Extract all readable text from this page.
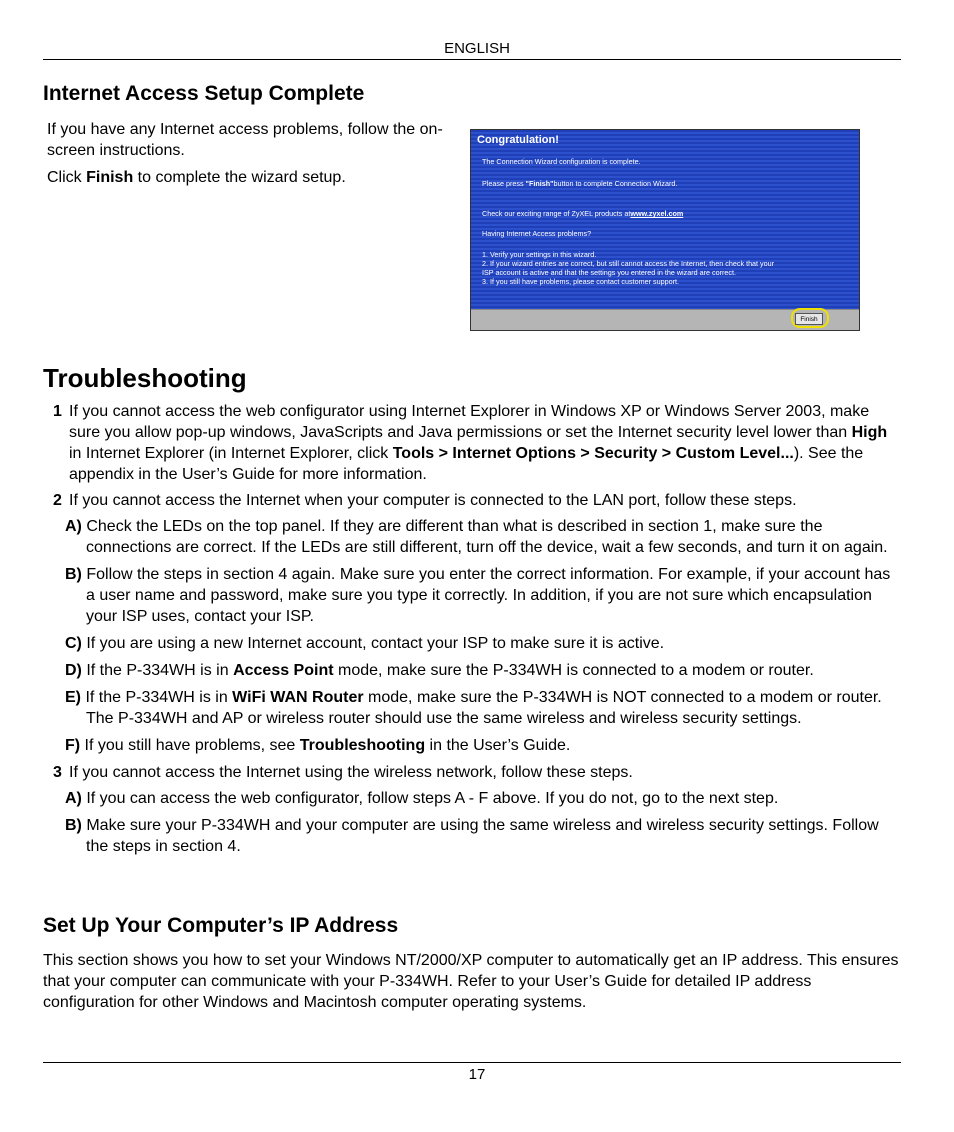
ENGLISH
Internet Access Setup Complete

If you have any Internet access problems, follow the on-screen instructions.

Click Finish to complete the wizard setup.

Congratulation!
The Connection Wizard configuration is complete.
Please press "Finish"button to complete Connection Wizard.
Check our exciting range of ZyXEL products atwww.zyxel.com
Having Internet Access problems?
1. Verify your settings in this wizard.
2. If your wizard entries are correct, but still cannot access the Internet, then check that your
ISP account is active and that the settings you entered in the wizard are correct.
3. If you still have problems, please contact customer support.
Finish
Troubleshooting
1 If you cannot access the web configurator using Internet Explorer in Windows XP or Windows Server 2003, make sure you allow pop-up windows, JavaScripts and Java permissions or set the Internet security level lower than High in Internet Explorer (in Internet Explorer, click Tools > Internet Options > Security > Custom Level...). See the appendix in the User’s Guide for more information.
2 If you cannot access the Internet when your computer is connected to the LAN port, follow these steps.
A) Check the LEDs on the top panel. If they are different than what is described in section 1, make sure the connections are correct. If the LEDs are still different, turn off the device, wait a few seconds, and turn it on again.
B) Follow the steps in section 4 again. Make sure you enter the correct information. For example, if your account has a user name and password, make sure you type it correctly. In addition, if you are not sure which encapsulation your ISP uses, contact your ISP.
C) If you are using a new Internet account, contact your ISP to make sure it is active.
D) If the P-334WH is in Access Point mode, make sure the P-334WH is connected to a modem or router.
E) If the P-334WH is in WiFi WAN Router mode, make sure the P-334WH is NOT connected to a modem or router. The P-334WH and AP or wireless router should use the same wireless and wireless security settings.
F) If you still have problems, see Troubleshooting in the User’s Guide.
3 If you cannot access the Internet using the wireless network, follow these steps.
A) If you can access the web configurator, follow steps A - F above. If you do not, go to the next step.
B) Make sure your P-334WH and your computer are using the same wireless and wireless security settings. Follow the steps in section 4.
Set Up Your Computer’s IP Address

This section shows you how to set your Windows NT/2000/XP computer to automatically get an IP address. This ensures that your computer can communicate with your P-334WH. Refer to your User’s Guide for detailed IP address configuration for other Windows and Macintosh computer operating systems.

17
